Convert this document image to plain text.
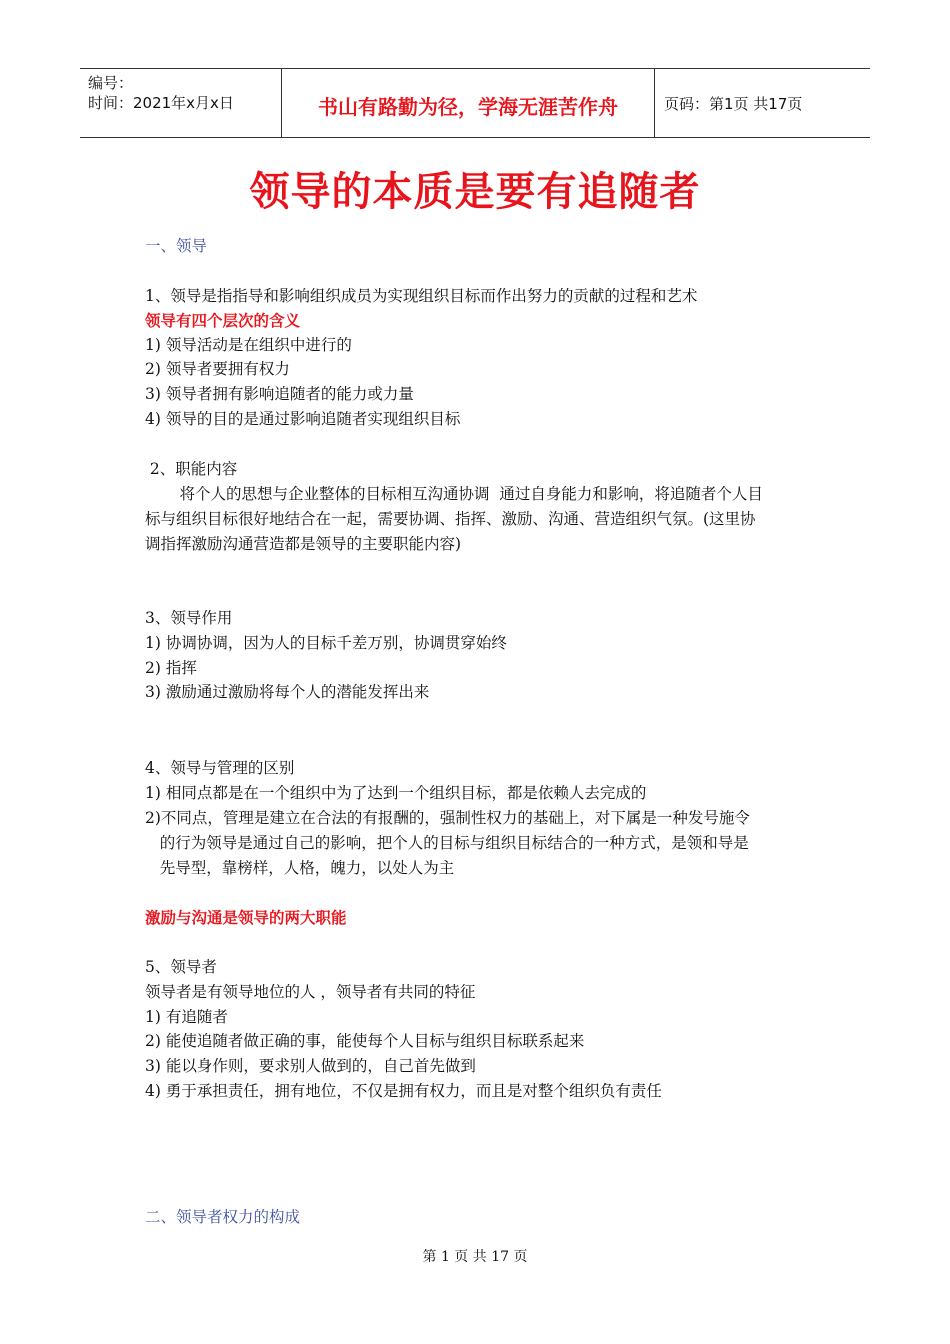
编号：
时间：2021年x月x日	书山有路勤为径，学海无涯苦作舟	页码：第1页 共17页
领导的本质是要有追随者
一、领导
1、领导是指指导和影响组织成员为实现组织目标而作出努力的贡献的过程和艺术
领导有四个层次的含义
1) 领导活动是在组织中进行的
2) 领导者要拥有权力
3) 领导者拥有影响追随者的能力或力量
4) 领导的目的是通过影响追随者实现组织目标
2、职能内容
将个人的思想与企业整体的目标相互沟通协调  通过自身能力和影响，将追随者个人目
标与组织目标很好地结合在一起，需要协调、指挥、激励、沟通、营造组织气氛。(这里协
调指挥激励沟通营造都是领导的主要职能内容)
3、领导作用
1) 协调协调，因为人的目标千差万别，协调贯穿始终
2) 指挥
3) 激励通过激励将每个人的潜能发挥出来
4、领导与管理的区别
1) 相同点都是在一个组织中为了达到一个组织目标，都是依赖人去完成的
2)不同点，管理是建立在合法的有报酬的，强制性权力的基础上，对下属是一种发号施令
的行为领导是通过自己的影响，把个人的目标与组织目标结合的一种方式，是领和导是
先导型，靠榜样，人格，魄力，以处人为主
激励与沟通是领导的两大职能
5、领导者
领导者是有领导地位的人 ，领导者有共同的特征
1) 有追随者
2) 能使追随者做正确的事，能使每个人目标与组织目标联系起来
3) 能以身作则，要求别人做到的，自己首先做到
4) 勇于承担责任，拥有地位，不仅是拥有权力，而且是对整个组织负有责任
二、领导者权力的构成
第 1 页 共 17 页
